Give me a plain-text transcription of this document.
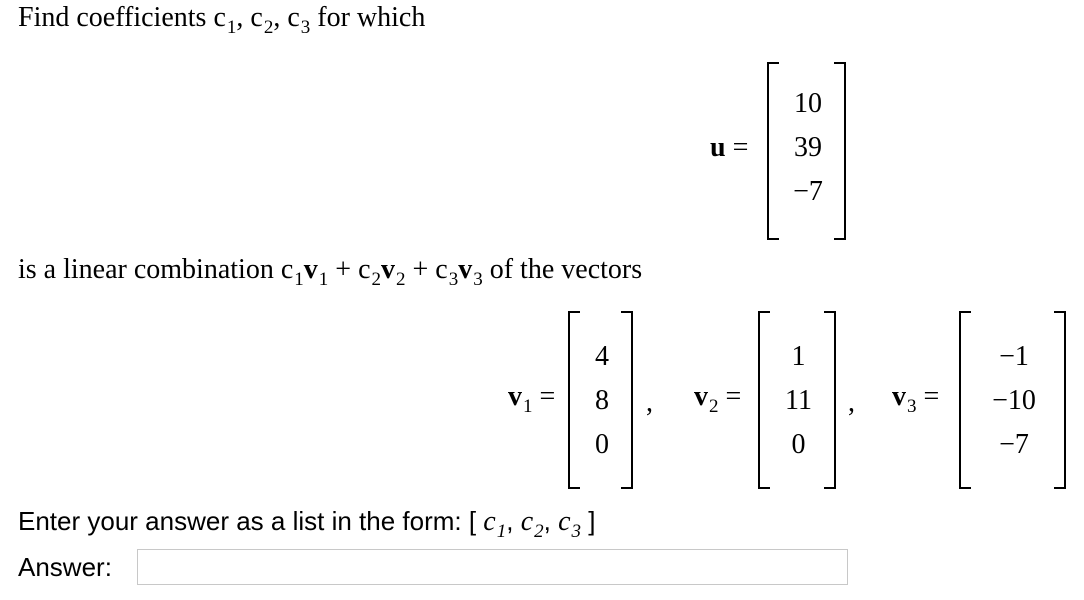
Find coefficients $c_1$, $c_2$, $c_3$ for which
u =
10
39
−7
is a linear combination $c_1v_1 + c_2v_2 + c_3v_3$ of the vectors
$v_1$ =
4
8
0
, $v_2$ =
1
11
0
, $v_3$ =
−1
−10
−7
Enter your answer as a list in the form: [ $c_1$, $c_2$, $c_3$ ]
Answer:
